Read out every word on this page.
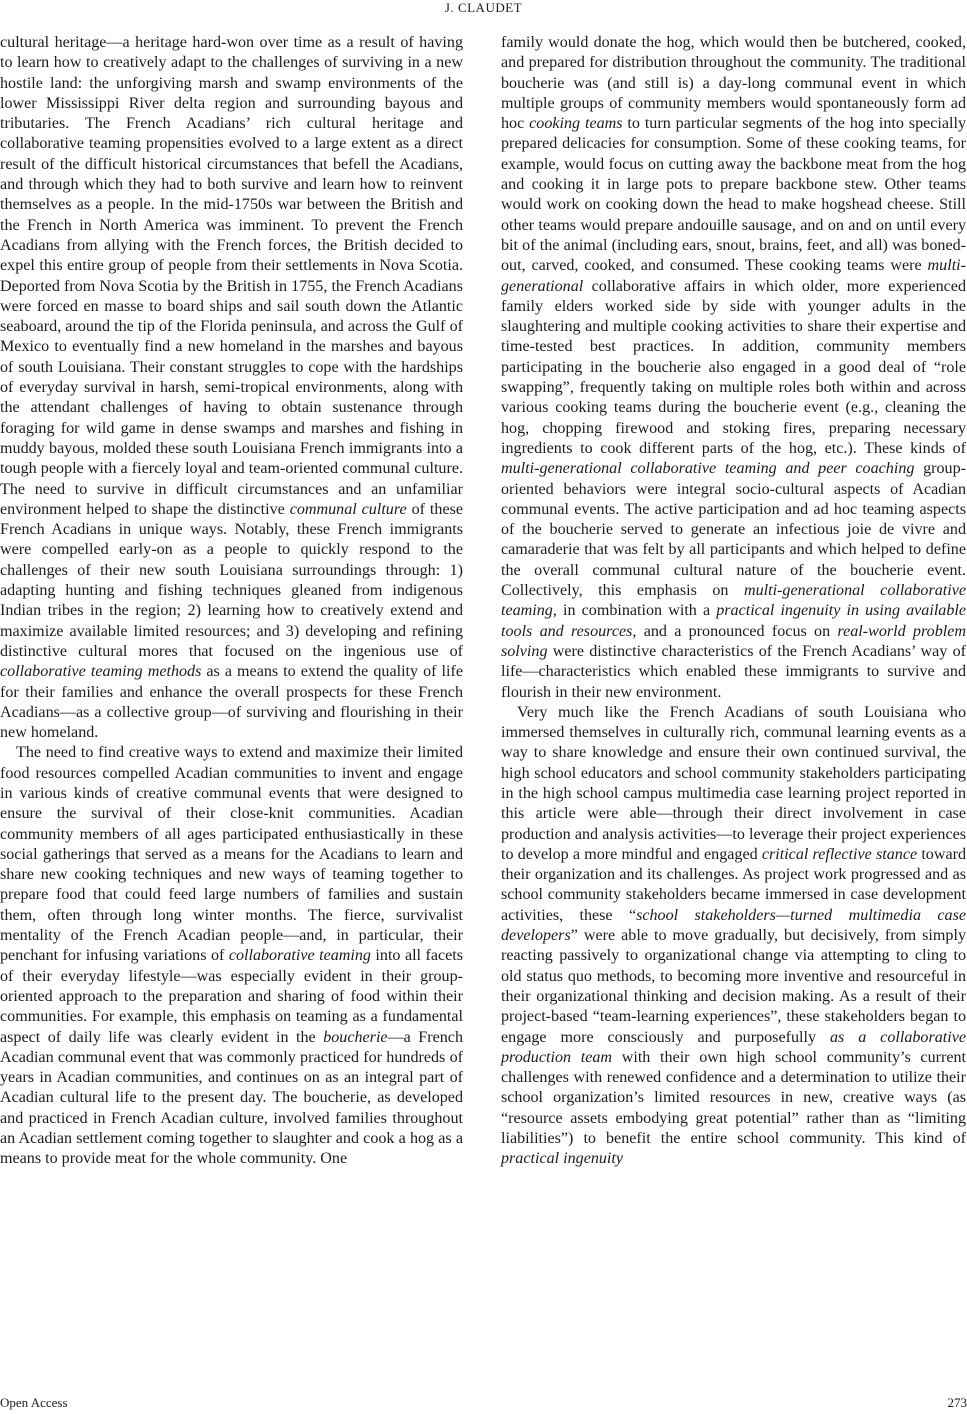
J. CLAUDET

cultural heritage—a heritage hard-won over time as a result of having to learn how to creatively adapt to the challenges of surviving in a new hostile land: the unforgiving marsh and swamp environments of the lower Mississippi River delta region and surrounding bayous and tributaries. The French Acadians’ rich cultural heritage and collaborative teaming propensities evolved to a large extent as a direct result of the difficult historical circumstances that befell the Acadians, and through which they had to both survive and learn how to reinvent themselves as a people. In the mid-1750s war between the British and the French in North America was imminent. To prevent the French Acadians from allying with the French forces, the British decided to expel this entire group of people from their settlements in Nova Scotia. Deported from Nova Scotia by the British in 1755, the French Acadians were forced en masse to board ships and sail south down the Atlantic seaboard, around the tip of the Florida peninsula, and across the Gulf of Mexico to eventually find a new homeland in the marshes and bayous of south Louisiana. Their constant struggles to cope with the hardships of everyday survival in harsh, semi-tropical environments, along with the attendant challenges of having to obtain sustenance through foraging for wild game in dense swamps and marshes and fishing in muddy bayous, molded these south Louisiana French immigrants into a tough people with a fiercely loyal and team-oriented communal culture. The need to survive in difficult circumstances and an unfamiliar environment helped to shape the distinctive communal culture of these French Acadians in unique ways. Notably, these French immigrants were compelled early-on as a people to quickly respond to the challenges of their new south Louisiana surroundings through: 1) adapting hunting and fishing techniques gleaned from indigenous Indian tribes in the region; 2) learning how to creatively extend and maximize available limited resources; and 3) developing and refining distinctive cultural mores that focused on the ingenious use of collaborative teaming methods as a means to extend the quality of life for their families and enhance the overall prospects for these French Acadians—as a collective group—of surviving and flourishing in their new homeland.

The need to find creative ways to extend and maximize their limited food resources compelled Acadian communities to invent and engage in various kinds of creative communal events that were designed to ensure the survival of their close-knit communities. Acadian community members of all ages participated enthusiastically in these social gatherings that served as a means for the Acadians to learn and share new cooking techniques and new ways of teaming together to prepare food that could feed large numbers of families and sustain them, often through long winter months. The fierce, survivalist mentality of the French Acadian people—and, in particular, their penchant for infusing variations of collaborative teaming into all facets of their everyday lifestyle—was especially evident in their group-oriented approach to the preparation and sharing of food within their communities. For example, this emphasis on teaming as a fundamental aspect of daily life was clearly evident in the boucherie—a French Acadian communal event that was commonly practiced for hundreds of years in Acadian communities, and continues on as an integral part of Acadian cultural life to the present day. The boucherie, as developed and practiced in French Acadian culture, involved families throughout an Acadian settlement coming together to slaughter and cook a hog as a means to provide meat for the whole community. One

family would donate the hog, which would then be butchered, cooked, and prepared for distribution throughout the community. The traditional boucherie was (and still is) a day-long communal event in which multiple groups of community members would spontaneously form ad hoc cooking teams to turn particular segments of the hog into specially prepared delicacies for consumption. Some of these cooking teams, for example, would focus on cutting away the backbone meat from the hog and cooking it in large pots to prepare backbone stew. Other teams would work on cooking down the head to make hogshead cheese. Still other teams would prepare andouille sausage, and on and on until every bit of the animal (including ears, snout, brains, feet, and all) was boned-out, carved, cooked, and consumed. These cooking teams were multi-generational collaborative affairs in which older, more experienced family elders worked side by side with younger adults in the slaughtering and multiple cooking activities to share their expertise and time-tested best practices. In addition, community members participating in the boucherie also engaged in a good deal of “role swapping”, frequently taking on multiple roles both within and across various cooking teams during the boucherie event (e.g., cleaning the hog, chopping firewood and stoking fires, preparing necessary ingredients to cook different parts of the hog, etc.). These kinds of multi-generational collaborative teaming and peer coaching group-oriented behaviors were integral socio-cultural aspects of Acadian communal events. The active participation and ad hoc teaming aspects of the boucherie served to generate an infectious joie de vivre and camaraderie that was felt by all participants and which helped to define the overall communal cultural nature of the boucherie event. Collectively, this emphasis on multi-generational collaborative teaming, in combination with a practical ingenuity in using available tools and resources, and a pronounced focus on real-world problem solving were distinctive characteristics of the French Acadians’ way of life—characteristics which enabled these immigrants to survive and flourish in their new environment.

Very much like the French Acadians of south Louisiana who immersed themselves in culturally rich, communal learning events as a way to share knowledge and ensure their own continued survival, the high school educators and school community stakeholders participating in the high school campus multimedia case learning project reported in this article were able—through their direct involvement in case production and analysis activities—to leverage their project experiences to develop a more mindful and engaged critical reflective stance toward their organization and its challenges. As project work progressed and as school community stakeholders became immersed in case development activities, these “school stakeholders—turned multimedia case developers” were able to move gradually, but decisively, from simply reacting passively to organizational change via attempting to cling to old status quo methods, to becoming more inventive and resourceful in their organizational thinking and decision making. As a result of their project-based “team-learning experiences”, these stakeholders began to engage more consciously and purposefully as a collaborative production team with their own high school community’s current challenges with renewed confidence and a determination to utilize their school organization’s limited resources in new, creative ways (as “resource assets embodying great potential” rather than as “limiting liabilities”) to benefit the entire school community. This kind of practical ingenuity

Open Access	273
